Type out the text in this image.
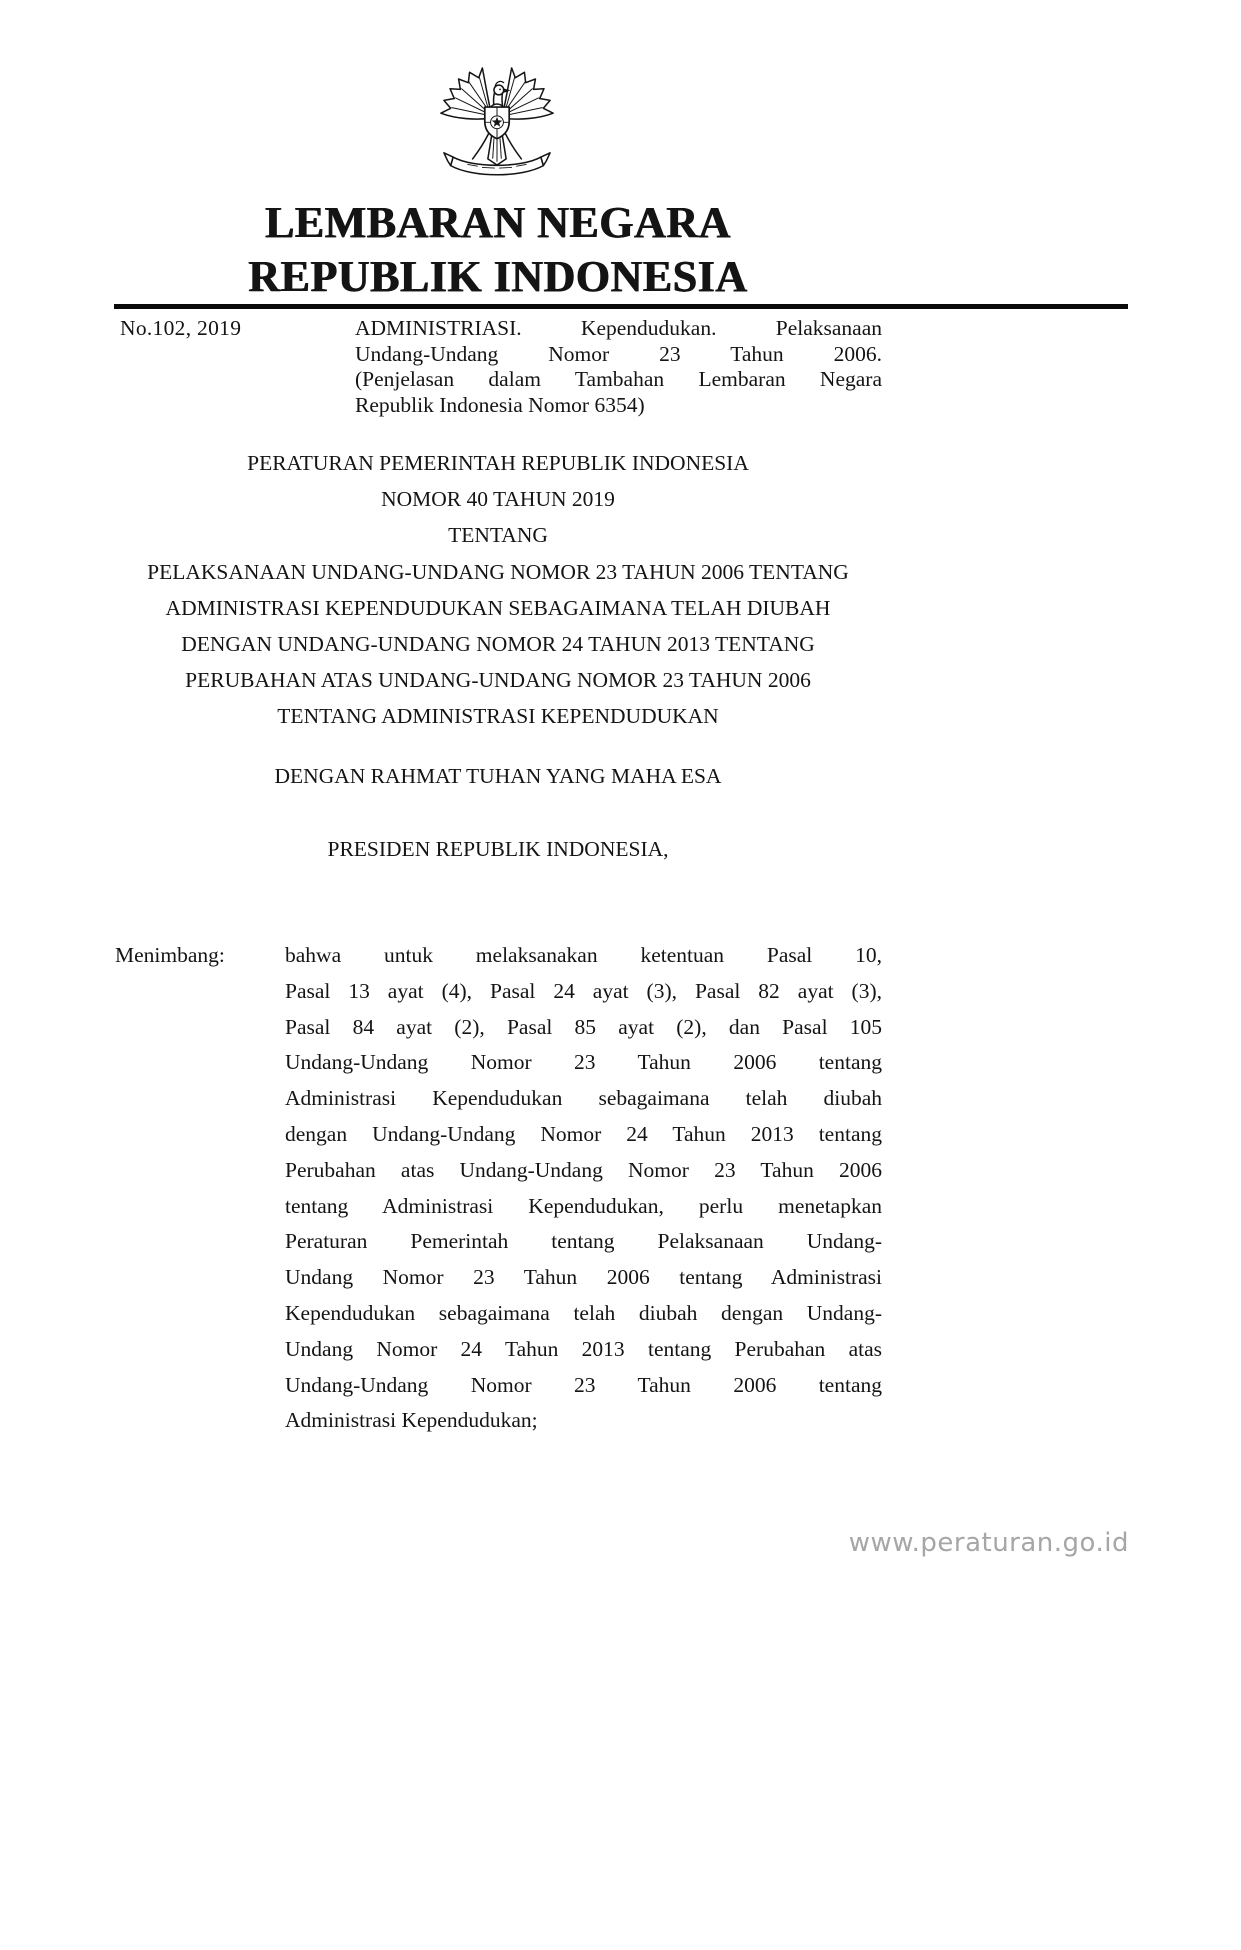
LEMBARAN NEGARA
REPUBLIK INDONESIA
No.102, 2019	ADMINISTRIASI. Kependudukan. Pelaksanaan
Undang-Undang Nomor 23 Tahun 2006.
(Penjelasan dalam Tambahan Lembaran Negara
Republik Indonesia Nomor 6354)
PERATURAN PEMERINTAH REPUBLIK INDONESIA
NOMOR 40 TAHUN 2019
TENTANG
PELAKSANAAN UNDANG-UNDANG NOMOR 23 TAHUN 2006 TENTANG
ADMINISTRASI KEPENDUDUKAN SEBAGAIMANA TELAH DIUBAH
DENGAN UNDANG-UNDANG NOMOR 24 TAHUN 2013 TENTANG
PERUBAHAN ATAS UNDANG-UNDANG NOMOR 23 TAHUN 2006
TENTANG ADMINISTRASI KEPENDUDUKAN
DENGAN RAHMAT TUHAN YANG MAHA ESA
PRESIDEN REPUBLIK INDONESIA,
Menimbang:	bahwa untuk melaksanakan ketentuan Pasal 10,
Pasal 13 ayat (4), Pasal 24 ayat (3), Pasal 82 ayat (3),
Pasal 84 ayat (2), Pasal 85 ayat (2), dan Pasal 105
Undang-Undang Nomor 23 Tahun 2006 tentang
Administrasi Kependudukan sebagaimana telah diubah
dengan Undang-Undang Nomor 24 Tahun 2013 tentang
Perubahan atas Undang-Undang Nomor 23 Tahun 2006
tentang Administrasi Kependudukan, perlu menetapkan
Peraturan Pemerintah tentang Pelaksanaan Undang-
Undang Nomor 23 Tahun 2006 tentang Administrasi
Kependudukan sebagaimana telah diubah dengan Undang-
Undang Nomor 24 Tahun 2013 tentang Perubahan atas
Undang-Undang Nomor 23 Tahun 2006 tentang
Administrasi Kependudukan;
www.peraturan.go.id
